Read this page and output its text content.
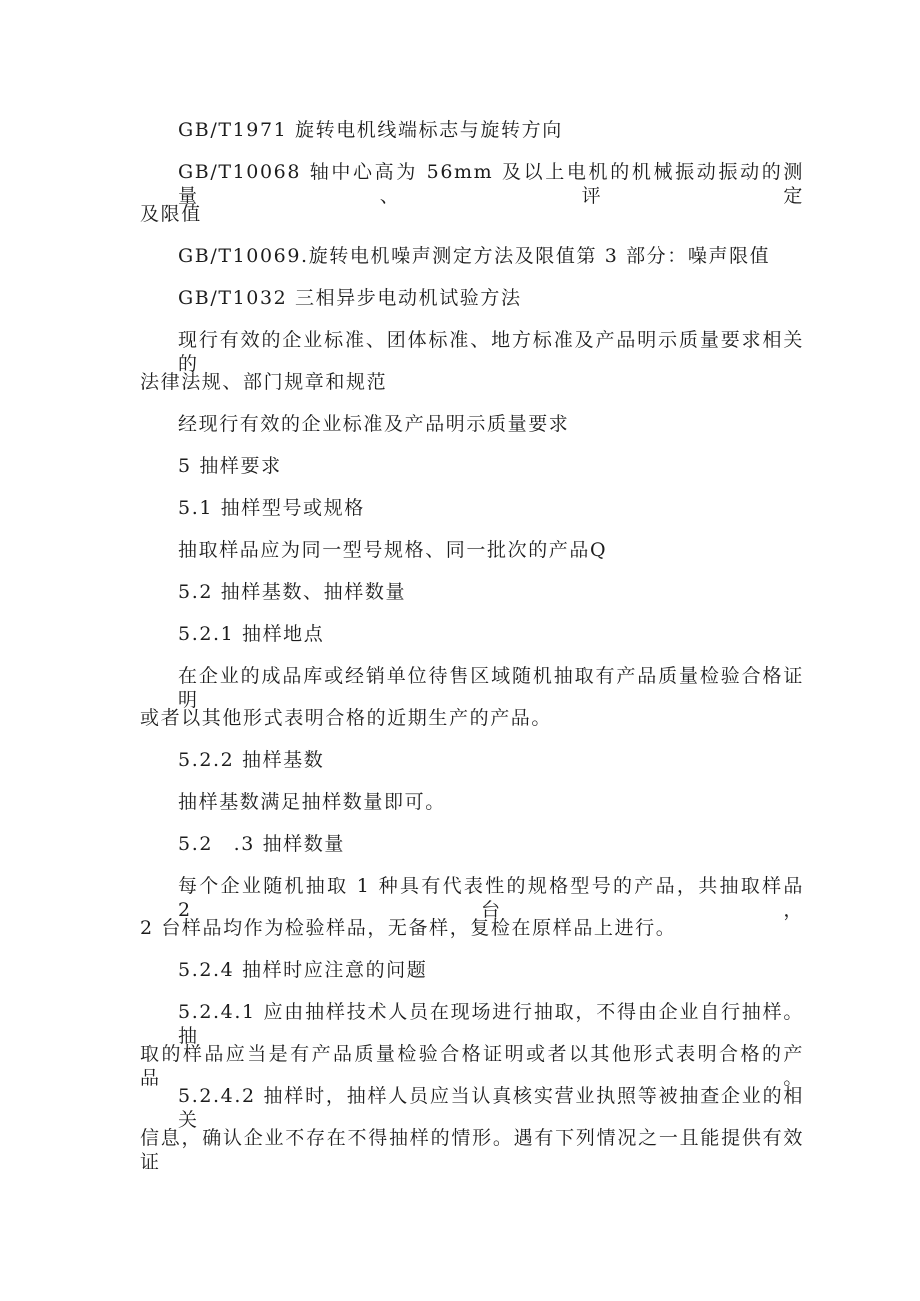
GB/T1971 旋转电机线端标志与旋转方向
GB/T10068 轴中心高为 56mm 及以上电机的机械振动振动的测量、评定
及限值
GB/T10069.旋转电机噪声测定方法及限值第 3 部分：噪声限值
GB/T1032 三相异步电动机试验方法
现行有效的企业标准、团体标准、地方标准及产品明示质量要求相关的
法律法规、部门规章和规范
经现行有效的企业标准及产品明示质量要求
5 抽样要求
5.1 抽样型号或规格
抽取样品应为同一型号规格、同一批次的产品Q
5.2 抽样基数、抽样数量
5.2.1 抽样地点
在企业的成品库或经销单位待售区域随机抽取有产品质量检验合格证明
或者以其他形式表明合格的近期生产的产品。
5.2.2 抽样基数
抽样基数满足抽样数量即可。
5.2　.3 抽样数量
每个企业随机抽取 1 种具有代表性的规格型号的产品，共抽取样品 2 台，
2 台样品均作为检验样品，无备样，复检在原样品上进行。
5.2.4 抽样时应注意的问题
5.2.4.1 应由抽样技术人员在现场进行抽取，不得由企业自行抽样。抽
取的样品应当是有产品质量检验合格证明或者以其他形式表明合格的产品。
5.2.4.2 抽样时，抽样人员应当认真核实营业执照等被抽查企业的相关
信息，确认企业不存在不得抽样的情形。遇有下列情况之一且能提供有效证
